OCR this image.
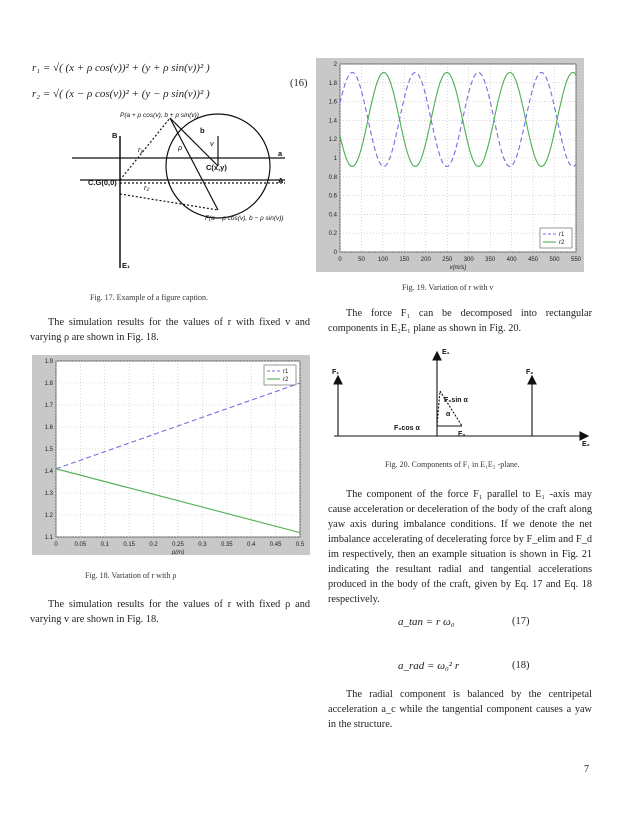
r₁ = √( (x + ρ cos(v))² + (y + ρ sin(v))² )
r₂ = √( (x − ρ cos(v))² + (y − ρ sin(v))² )
(16)
B
b
a
A
C.G(0,0)
C(x,y)
E₁
r₁
r₂
ρ	v
P(a + ρ cos(v), b + ρ sin(v))
F(a − ρ cos(v), b − ρ sin(v))
Fig. 17. Example of a figure caption.
The simulation results for the values of r with fixed v and varying ρ are shown in Fig. 18.
0	0.05 0.1 0.15 0.2 0.25 0.3 0.35 0.4 0.45 0.5
1.1
1.2
1.3
1.4
1.5
1.6
1.7
1.8
1.9
ρ(m)
r1
r2
Fig. 18. Variation of r with ρ
The simulation results for the values of r with fixed ρ and varying v are shown in Fig. 18.
0	50 100 150 200 250 300 350 400 450 500 550
0
0.2
0.4
0.6
0.8
1
1.2
1.4
1.6
1.8
2
v(m/s)
r1
r2
Fig. 19. Variation of r with v
The force F₁ can be decomposed into rectangular components in E₂E₁ plane as shown in Fig. 20.
E₁
E₂
F₁	F₂
F₀sin α
F₀cos α
α
F₀
Fig. 20. Components of F₁ in E₁E₂ -plane.
The component of the force F₁ parallel to E₁ -axis may cause acceleration or deceleration of the body of the craft along yaw axis during imbalance conditions. If we denote the net imbalance accelerating of decelerating force by F_elim and F_d im respectively, then an example situation is shown in Fig. 21 indicating the resultant radial and tangential accelerations produced in the body of the craft, given by Eq. 17 and Eq. 18 respectively.
a_tan = r ω₀	(17)
a_rad = ω₀² r	(18)
The radial component is balanced by the centripetal acceleration a_c while the tangential component causes a yaw in the structure.
7
